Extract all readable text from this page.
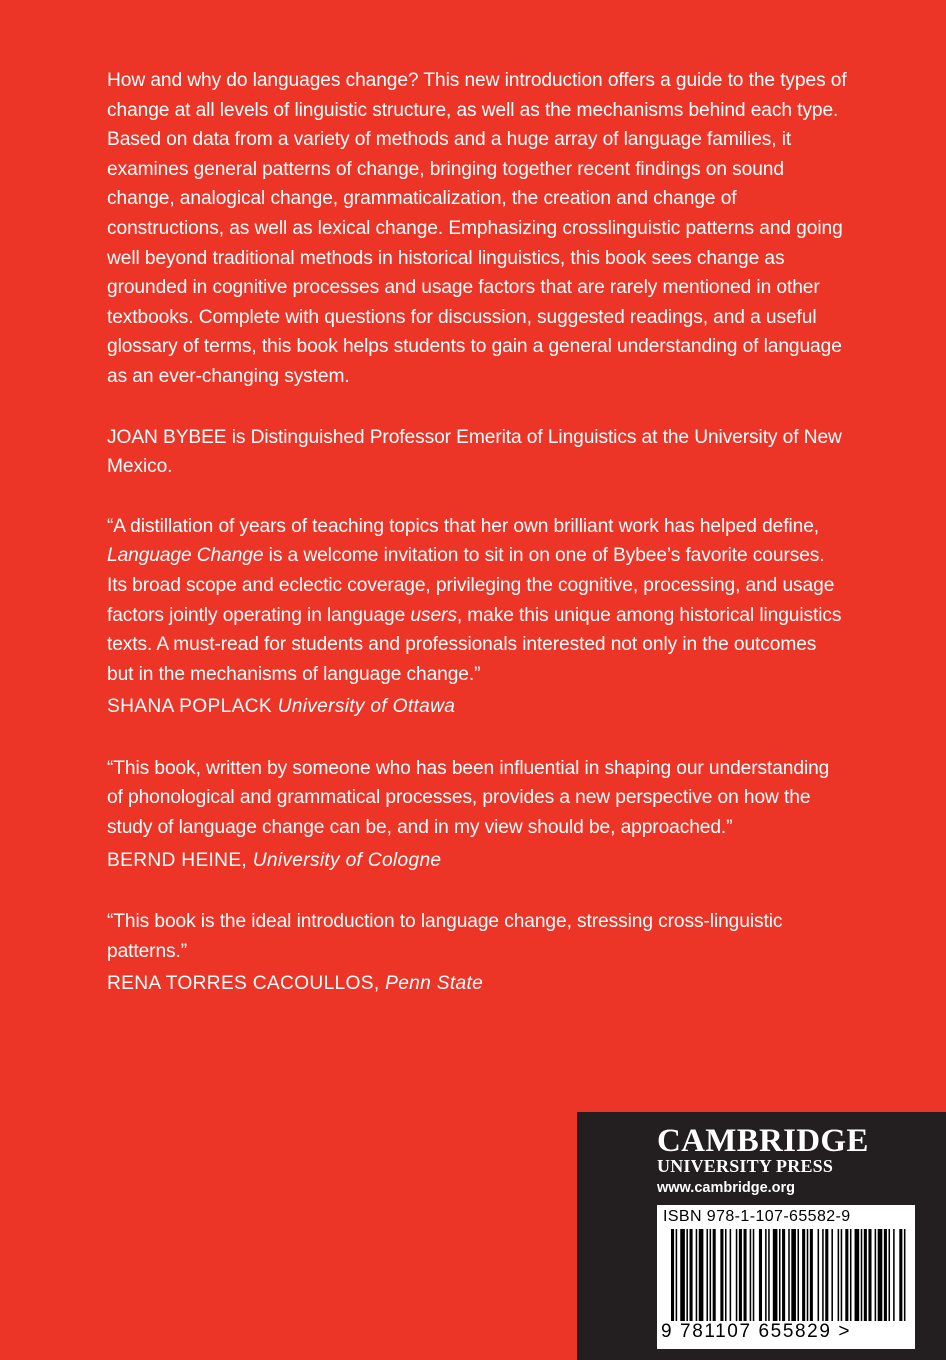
How and why do languages change? This new introduction offers a guide to the types of change at all levels of linguistic structure, as well as the mechanisms behind each type. Based on data from a variety of methods and a huge array of language families, it examines general patterns of change, bringing together recent findings on sound change, analogical change, grammaticalization, the creation and change of constructions, as well as lexical change. Emphasizing crosslinguistic patterns and going well beyond traditional methods in historical linguistics, this book sees change as grounded in cognitive processes and usage factors that are rarely mentioned in other textbooks. Complete with questions for discussion, suggested readings, and a useful glossary of terms, this book helps students to gain a general understanding of language as an ever-changing system.

JOAN BYBEE is Distinguished Professor Emerita of Linguistics at the University of New Mexico.

“A distillation of years of teaching topics that her own brilliant work has helped define, Language Change is a welcome invitation to sit in on one of Bybee’s favorite courses. Its broad scope and eclectic coverage, privileging the cognitive, processing, and usage factors jointly operating in language users, make this unique among historical linguistics texts. A must-read for students and professionals interested not only in the outcomes but in the mechanisms of language change.”

SHANA POPLACK University of Ottawa

“This book, written by someone who has been influential in shaping our understanding of phonological and grammatical processes, provides a new perspective on how the study of language change can be, and in my view should be, approached.”

BERND HEINE, University of Cologne

“This book is the ideal introduction to language change, stressing cross-linguistic patterns.”

RENA TORRES CACOULLOS, Penn State

CAMBRIDGE
UNIVERSITY PRESS
www.cambridge.org
ISBN 978-1-107-65582-9
9 781107 655829 >
